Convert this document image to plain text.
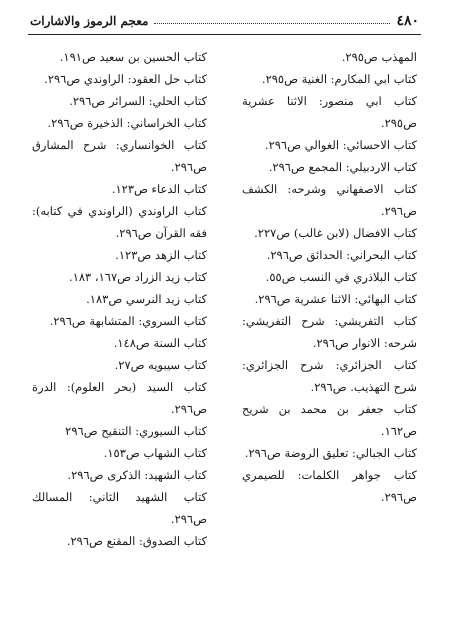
٤٨٠
معجم الرموز والاشارات

المهذب ص٢٩٥.

كتاب ابي المكارم: الغنية ص٢٩٥.

كتاب ابي منصور: الاثنا عشرية ص٢٩٥.

كتاب الاحسائي: الغوالي ص٢٩٦.

كتاب الاردبيلي: المجمع ص٢٩٦.

كتاب الاصفهاني وشرحه: الكشف ص٢٩٦.

كتاب الافضال (لابن غالب) ص٢٢٧.

كتاب البحراني: الحدائق ص٢٩٦.

كتاب البلاذري في النسب ص٥٥.

كتاب البهائي: الاثنا عشرية ص٢٩٦.

كتاب التفريشي: شرح التفريشي: شرحه: الانوار ص٢٩٦.

كتاب الجزائري: شرح الجزائري: شرح التهذيب. ص٢٩٦.

كتاب جعفر بن محمد بن شريح ص١٦٢.

كتاب الجبالي: تعليق الروضة ص٢٩٦.

كتاب جواهر الكلمات: للصيمري ص٢٩٦.

كتاب الحسين بن سعيد ص١٩١.

كتاب حل العقود: الراوندي ص٢٩٦.

كتاب الحلي: السرائر ص٢٩٦.

كتاب الخراساني: الذخيرة ص٢٩٦.

كتاب الخوانساري: شرح المشارق ص٢٩٦.

كتاب الدعاء ص١٢٣.

كتاب الراوندي (الراوندي في كتابه): فقه القرآن ص٢٩٦.

كتاب الزهد ص١٢٣.

كتاب زيد الزراد ص١٦٧، ١٨٣.

كتاب زيد النرسي ص١٨٣.

كتاب السروي: المتشابهة ص٢٩٦.

كتاب السنة ص١٤٨.

كتاب سيبويه ص٢٧.

كتاب السيد (بحر العلوم): الدرة ص٢٩٦.

كتاب السيوري: التنقيح ص٢٩٦

كتاب الشهاب ص١٥٣.

كتاب الشهيد: الذكرى ص٢٩٦.

كتاب الشهيد الثاني: المسالك ص٢٩٦.

كتاب الصدوق: المقنع ص٢٩٦.
